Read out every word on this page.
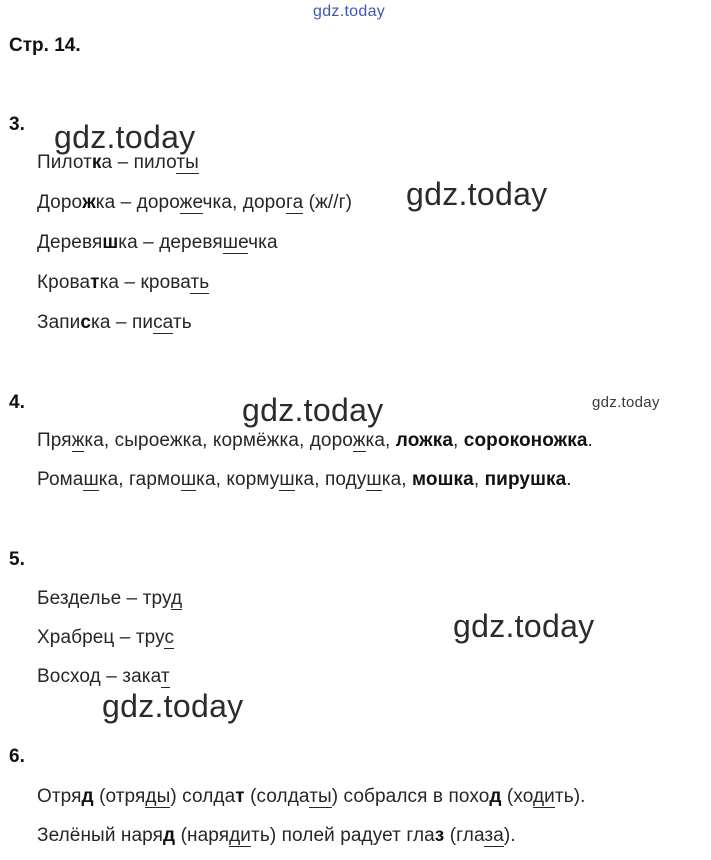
gdz.today
gdz.today
gdz.today
gdz.today	gdz.today
gdz.today
gdz.today
Стр. 14.
3.
Пилотка – пилоты
Дорожка – дорожечка, дорога (ж//г)
Деревяшка – деревяшечка
Кроватка – кровать
Записка – писать
4.
Пряжка, сыроежка, кормёжка, дорожка, ложка, сороконожка.
Ромашка, гармошка, кормушка, подушка, мошка, пирушка.
5.
Безделье – труд
Храбрец – трус
Восход – закат
6.
Отряд (отряды) солдат (солдаты) собрался в поход (ходить).
Зелёный наряд (нарядить) полей радует глаз (глаза).
